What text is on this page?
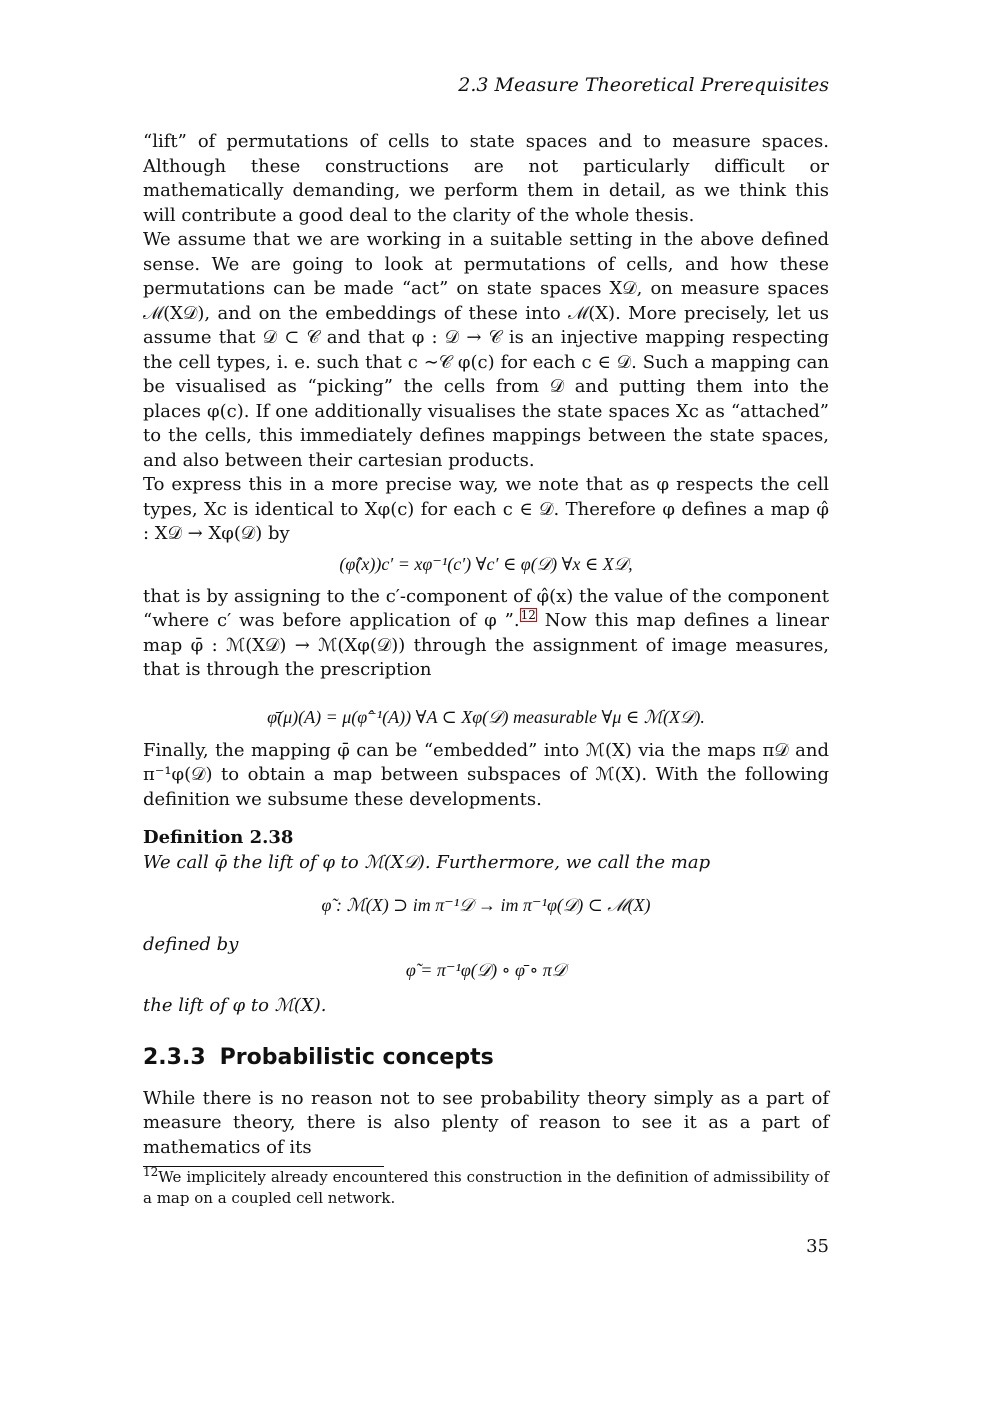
2.3 Measure Theoretical Prerequisites

“lift” of permutations of cells to state spaces and to measure spaces. Although these constructions are not particularly difficult or mathematically demanding, we perform them in detail, as we think this will contribute a good deal to the clarity of the whole thesis.

We assume that we are working in a suitable setting in the above defined sense. We are going to look at permutations of cells, and how these permutations can be made “act” on state spaces X𝒟, on measure spaces ℳ(X𝒟), and on the embeddings of these into ℳ(X). More precisely, let us assume that 𝒟 ⊂ 𝒞 and that φ : 𝒟 → 𝒞 is an injective mapping respecting the cell types, i. e. such that c ∼𝒞 φ(c) for each c ∈ 𝒟. Such a mapping can be visualised as “picking” the cells from 𝒟 and putting them into the places φ(c). If one additionally visualises the state spaces Xc as “attached” to the cells, this immediately defines mappings between the state spaces, and also between their cartesian products.

To express this in a more precise way, we note that as φ respects the cell types, Xc is identical to Xφ(c) for each c ∈ 𝒟. Therefore φ defines a map φ̂ : X𝒟 → Xφ(𝒟) by

(φ̂(x))c′ = xφ⁻¹(c′) ∀c′ ∈ φ(𝒟) ∀x ∈ X𝒟,

that is by assigning to the c′-component of φ̂(x) the value of the component “where c′ was before application of φ ”.$^{12}$ Now this map defines a linear map φ̄ : ℳ(X𝒟) → ℳ(Xφ(𝒟)) through the assignment of image measures, that is through the prescription

φ̄(μ)(A) = μ(φ̂⁻¹(A)) ∀A ⊂ Xφ(𝒟) measurable ∀μ ∈ ℳ(X𝒟).

Finally, the mapping φ̄ can be “embedded” into ℳ(X) via the maps π𝒟 and π⁻¹φ(𝒟) to obtain a map between subspaces of ℳ(X). With the following definition we subsume these developments.

Definition 2.38
We call φ̄ the lift of φ to ℳ(X𝒟). Furthermore, we call the map
φ̃ : ℳ(X) ⊃ im π⁻¹𝒟 → im π⁻¹φ(𝒟) ⊂ ℳ(X)
defined by
φ̃ = π⁻¹φ(𝒟) ∘ φ̄ ∘ π𝒟
the lift of φ to ℳ(X).
2.3.3 Probabilistic concepts

While there is no reason not to see probability theory simply as a part of measure theory, there is also plenty of reason to see it as a part of mathematics of its

$^{12}$We implicitely already encountered this construction in the definition of admissibility of a map on a coupled cell network.
35
